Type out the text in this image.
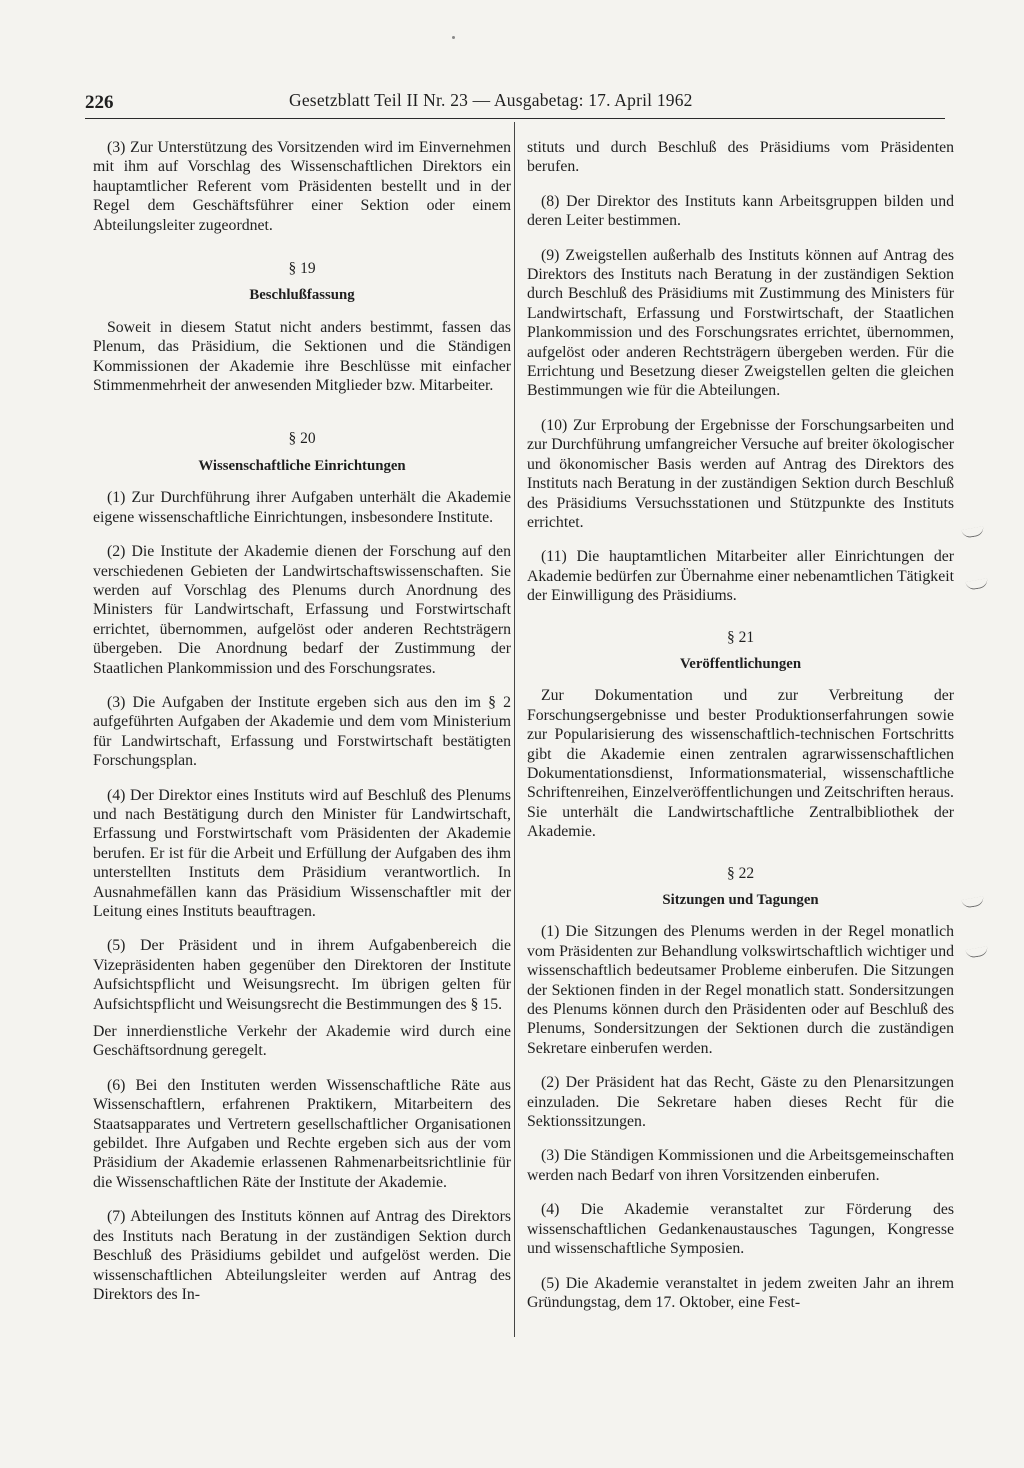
226	Gesetzblatt Teil II Nr. 23 — Ausgabetag: 17. April 1962

(3) Zur Unterstützung des Vorsitzenden wird im Einvernehmen mit ihm auf Vorschlag des Wissenschaftlichen Direktors ein hauptamtlicher Referent vom Präsidenten bestellt und in der Regel dem Geschäftsführer einer Sektion oder einem Abteilungsleiter zugeordnet.

§ 19
Beschlußfassung

Soweit in diesem Statut nicht anders bestimmt, fassen das Plenum, das Präsidium, die Sektionen und die Ständigen Kommissionen der Akademie ihre Beschlüsse mit einfacher Stimmenmehrheit der anwesenden Mitglieder bzw. Mitarbeiter.

§ 20
Wissenschaftliche Einrichtungen

(1) Zur Durchführung ihrer Aufgaben unterhält die Akademie eigene wissenschaftliche Einrichtungen, insbesondere Institute.

(2) Die Institute der Akademie dienen der Forschung auf den verschiedenen Gebieten der Landwirtschaftswissenschaften. Sie werden auf Vorschlag des Plenums durch Anordnung des Ministers für Landwirtschaft, Erfassung und Forstwirtschaft errichtet, übernommen, aufgelöst oder anderen Rechtsträgern übergeben. Die Anordnung bedarf der Zustimmung der Staatlichen Plankommission und des Forschungsrates.

(3) Die Aufgaben der Institute ergeben sich aus den im § 2 aufgeführten Aufgaben der Akademie und dem vom Ministerium für Landwirtschaft, Erfassung und Forstwirtschaft bestätigten Forschungsplan.

(4) Der Direktor eines Instituts wird auf Beschluß des Plenums und nach Bestätigung durch den Minister für Landwirtschaft, Erfassung und Forstwirtschaft vom Präsidenten der Akademie berufen. Er ist für die Arbeit und Erfüllung der Aufgaben des ihm unterstellten Instituts dem Präsidium verantwortlich. In Ausnahmefällen kann das Präsidium Wissenschaftler mit der Leitung eines Instituts beauftragen.

(5) Der Präsident und in ihrem Aufgabenbereich die Vizepräsidenten haben gegenüber den Direktoren der Institute Aufsichtspflicht und Weisungsrecht. Im übrigen gelten für Aufsichtspflicht und Weisungsrecht die Bestimmungen des § 15.

Der innerdienstliche Verkehr der Akademie wird durch eine Geschäftsordnung geregelt.

(6) Bei den Instituten werden Wissenschaftliche Räte aus Wissenschaftlern, erfahrenen Praktikern, Mitarbeitern des Staatsapparates und Vertretern gesellschaftlicher Organisationen gebildet. Ihre Aufgaben und Rechte ergeben sich aus der vom Präsidium der Akademie erlassenen Rahmenarbeitsrichtlinie für die Wissenschaftlichen Räte der Institute der Akademie.

(7) Abteilungen des Instituts können auf Antrag des Direktors des Instituts nach Beratung in der zuständigen Sektion durch Beschluß des Präsidiums gebildet und aufgelöst werden. Die wissenschaftlichen Abteilungsleiter werden auf Antrag des Direktors des In-

stituts und durch Beschluß des Präsidiums vom Präsidenten berufen.

(8) Der Direktor des Instituts kann Arbeitsgruppen bilden und deren Leiter bestimmen.

(9) Zweigstellen außerhalb des Instituts können auf Antrag des Direktors des Instituts nach Beratung in der zuständigen Sektion durch Beschluß des Präsidiums mit Zustimmung des Ministers für Landwirtschaft, Erfassung und Forstwirtschaft, der Staatlichen Plankommission und des Forschungsrates errichtet, übernommen, aufgelöst oder anderen Rechtsträgern übergeben werden. Für die Errichtung und Besetzung dieser Zweigstellen gelten die gleichen Bestimmungen wie für die Abteilungen.

(10) Zur Erprobung der Ergebnisse der Forschungsarbeiten und zur Durchführung umfangreicher Versuche auf breiter ökologischer und ökonomischer Basis werden auf Antrag des Direktors des Instituts nach Beratung in der zuständigen Sektion durch Beschluß des Präsidiums Versuchsstationen und Stützpunkte des Instituts errichtet.

(11) Die hauptamtlichen Mitarbeiter aller Einrichtungen der Akademie bedürfen zur Übernahme einer nebenamtlichen Tätigkeit der Einwilligung des Präsidiums.

§ 21
Veröffentlichungen

Zur Dokumentation und zur Verbreitung der Forschungsergebnisse und bester Produktionserfahrungen sowie zur Popularisierung des wissenschaftlich-technischen Fortschritts gibt die Akademie einen zentralen agrarwissenschaftlichen Dokumentationsdienst, Informationsmaterial, wissenschaftliche Schriftenreihen, Einzelveröffentlichungen und Zeitschriften heraus. Sie unterhält die Landwirtschaftliche Zentralbibliothek der Akademie.

§ 22
Sitzungen und Tagungen

(1) Die Sitzungen des Plenums werden in der Regel monatlich vom Präsidenten zur Behandlung volkswirtschaftlich wichtiger und wissenschaftlich bedeutsamer Probleme einberufen. Die Sitzungen der Sektionen finden in der Regel monatlich statt. Sondersitzungen des Plenums können durch den Präsidenten oder auf Beschluß des Plenums, Sondersitzungen der Sektionen durch die zuständigen Sekretare einberufen werden.

(2) Der Präsident hat das Recht, Gäste zu den Plenarsitzungen einzuladen. Die Sekretare haben dieses Recht für die Sektionssitzungen.

(3) Die Ständigen Kommissionen und die Arbeitsgemeinschaften werden nach Bedarf von ihren Vorsitzenden einberufen.

(4) Die Akademie veranstaltet zur Förderung des wissenschaftlichen Gedankenaustausches Tagungen, Kongresse und wissenschaftliche Symposien.

(5) Die Akademie veranstaltet in jedem zweiten Jahr an ihrem Gründungstag, dem 17. Oktober, eine Fest-
